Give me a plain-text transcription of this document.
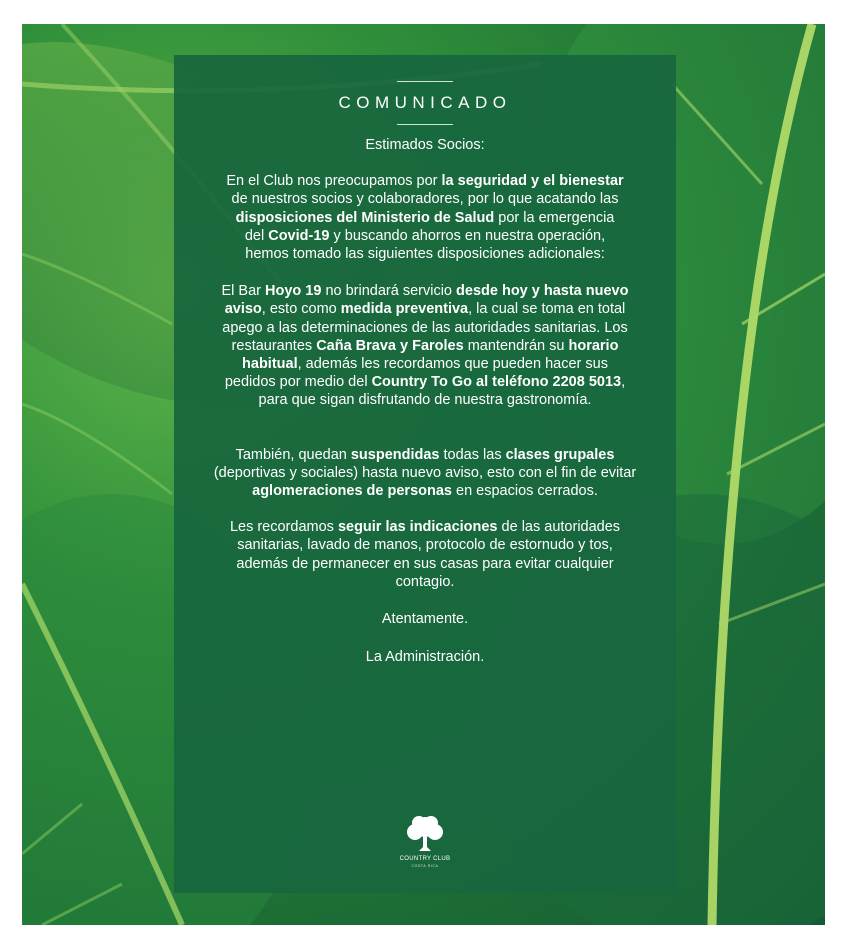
COMUNICADO
Estimados Socios:

En el Club nos preocupamos por la seguridad y el bienestar de nuestros socios y colaboradores, por lo que acatando las disposiciones del Ministerio de Salud por la emergencia del Covid-19 y buscando ahorros en nuestra operación, hemos tomado las siguientes disposiciones adicionales:

El Bar Hoyo 19 no brindará servicio desde hoy y hasta nuevo aviso, esto como medida preventiva, la cual se toma en total apego a las determinaciones de las autoridades sanitarias. Los restaurantes Caña Brava y Faroles mantendrán su horario habitual, además les recordamos que pueden hacer sus pedidos por medio del Country To Go al teléfono 2208 5013, para que sigan disfrutando de nuestra gastronomía.

También, quedan suspendidas todas las clases grupales (deportivas y sociales) hasta nuevo aviso, esto con el fin de evitar aglomeraciones de personas en espacios cerrados.

Les recordamos seguir las indicaciones de las autoridades sanitarias, lavado de manos, protocolo de estornudo y tos, además de permanecer en sus casas para evitar cualquier contagio.

Atentamente.
La Administración.
COUNTRY CLUB
COSTA RICA
